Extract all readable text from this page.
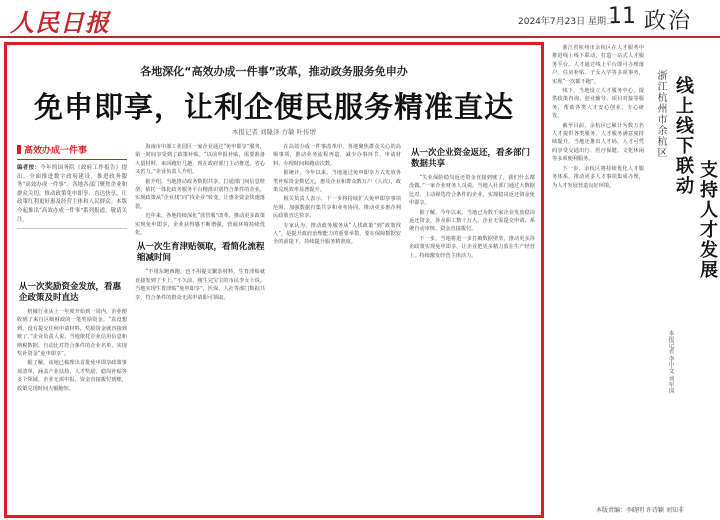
人民日报	2024年7月23日 星期二
11 政治
各地深化“高效办成一件事”改革，推动政务服务免申办
免申即享，让利企便民服务精准直达
本报记者 刘隆泽 方敏 叶传增
高效办成一件事
编者按：今年的国务院《政府工作报告》提出，全面推进数字政府建设，推进政务服务“高效办成一件事”。各地各部门聚焦企业和群众关切，推动政策免申即享、直达快享，让政策红利更好惠及经营主体和人民群众。本版今起推出“高效办成一件事”系列报道，敬请关注。
从一次奖励资金发放，看惠企政策及时直达

机械行业从上一年度开始到一周内，企业便收到了来自区级财政的一笔奖励资金。“真没想到，没有提交任何申请材料，奖励资金就直接到账了。”企业负责人说。当地依托企业信用信息和纳税数据，自动比对符合条件的企业名单，实现奖补资金“免申即享”。

据了解，该地已梳理出首批免申即享政策事项清单，涵盖产业扶持、人才奖励、稳岗补贴等多个领域，企业无需申报，资金直接拨付到账，政策兑现时间大幅缩短。

海南市中部工业园区一家企业通过“免申即享”服务，第一时间享受到了政策补贴。“以前申报补贴，需要准备大量材料，来回跑好几趟，现在政府部门主动推送，省心又省力。”企业负责人介绍。

据介绍，当地推动政务数据共享，打通部门间信息壁垒，依托一体化政务服务平台精准识别符合条件的企业，实现政策从“企业找”向“找企业”转变，让惠企资金快速落袋。

近年来，各地持续深化“放管服”改革，推动更多政策实现免申即享，企业获得感不断增强，营商环境持续优化。

从一次生育津贴领取，看简化流程缩减时间

“不用东跑西跑，也不用提交繁杂材料，生育津贴就直接发到了卡上。”不久前，刚生完宝宝的市民李女士说。当地实现生育津贴“免申即享”，医保、人社等部门数据共享，符合条件的群众无需申请即可领取。

在高效办成一件事改革中，各地聚焦群众关心的高频事项，推动业务流程再造，减少办事环节、申请材料、办理时间和跑动次数。

据统计，今年以来，当地通过免申即享方式发放各类补贴资金数亿元，惠及企业和群众数万户（人次），政策兑现效率显著提升。

相关负责人表示，下一步将持续扩大免申即享事项范围，加强数据归集共享和业务协同，推动更多惠企利民政策直达快享。

专家认为，推动政务服务从“人找政策”到“政策找人”，是提升政府治理能力的重要举措，要在保障数据安全的前提下，持续提升服务精准度。

从一次企业资金返还，看多部门数据共享

“失业保险稳岗返还资金直接到账了，我们什么都没做。”一家企业财务人员说。当地人社部门通过大数据比对，主动筛选符合条件的企业，实现稳岗返还资金免申即享。

据了解，今年以来，当地已为数千家企业发放稳岗返还资金，涉及职工数十万人。企业无需提交申请，系统自动审核、资金直接拨付。

下一步，当地将进一步打破数据壁垒，推动更多涉企政策实现免申即享，让企业把更多精力放在生产经营上，持续激发经营主体活力。

浙江省杭州市余杭区在人才服务中推进线上线下联动，打造一站式人才服务平台。人才通过线上平台即可办理落户、住房补贴、子女入学等多项事务，实现“一次都不跑”。

线下，当地设立人才服务中心，提供政策咨询、创业辅导、项目对接等服务，帮助各类人才安心创业、专心研发。

截至目前，余杭区已累计为数万名人才提供各类服务，人才服务满意度持续提升。当地还推出人才码，人才可凭码享受交通出行、医疗保健、文化休闲等多项便利服务。

下一步，余杭区将持续优化人才服务体系，推动更多人才事项集成办理，为人才发展营造良好环境。

浙江杭州市余杭区 线上线下联动
支持人才发展
本报记者 李中文 刘军国
本版责编：李晓明 许诗颖 刘知非
